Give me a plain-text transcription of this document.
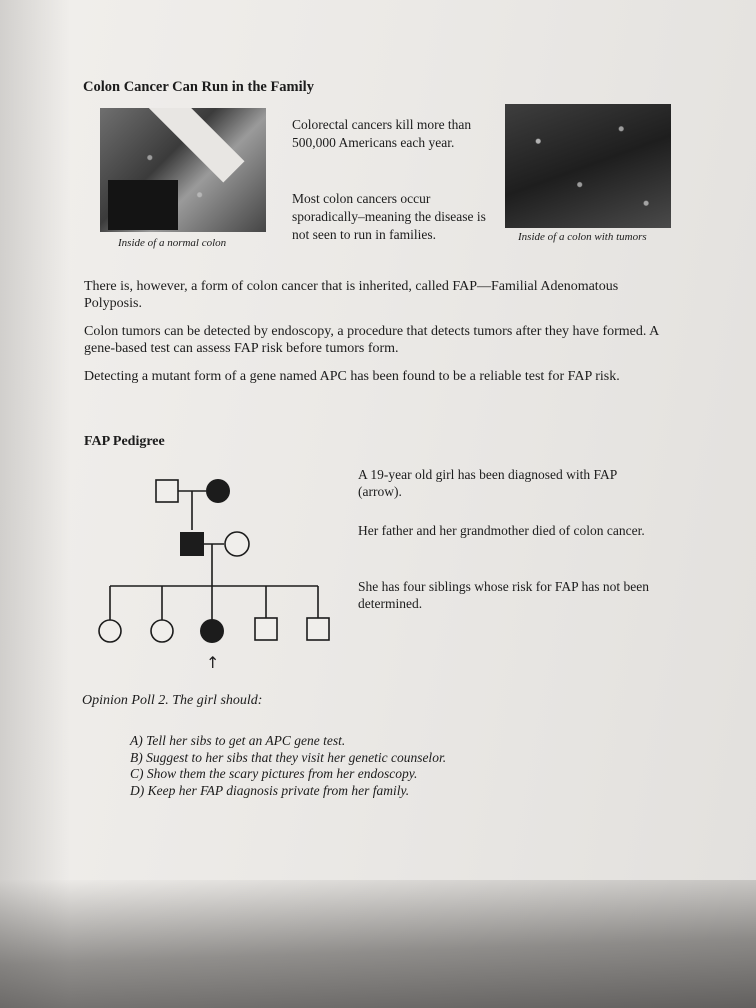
Colon Cancer Can Run in the Family
Inside of a normal colon
Colorectal cancers kill more than 500,000 Americans each year.
Most colon cancers occur sporadically–meaning the disease is not seen to run in families.	Inside of a colon with tumors
There is, however, a form of colon cancer that is inherited, called FAP—Familial Adenomatous Polyposis.
Colon tumors can be detected by endoscopy, a procedure that detects tumors after they have formed. A gene-based test can assess FAP risk before tumors form.
Detecting a mutant form of a gene named APC has been found to be a reliable test for FAP risk.
FAP Pedigree
↑
A 19-year old girl has been diagnosed with FAP (arrow).
Her father and her grandmother died of colon cancer.
She has four siblings whose risk for FAP has not been determined.
Opinion Poll 2. The girl should:
A) Tell her sibs to get an APC gene test.
B) Suggest to her sibs that they visit her genetic counselor.
C) Show them the scary pictures from her endoscopy.
D) Keep her FAP diagnosis private from her family.
